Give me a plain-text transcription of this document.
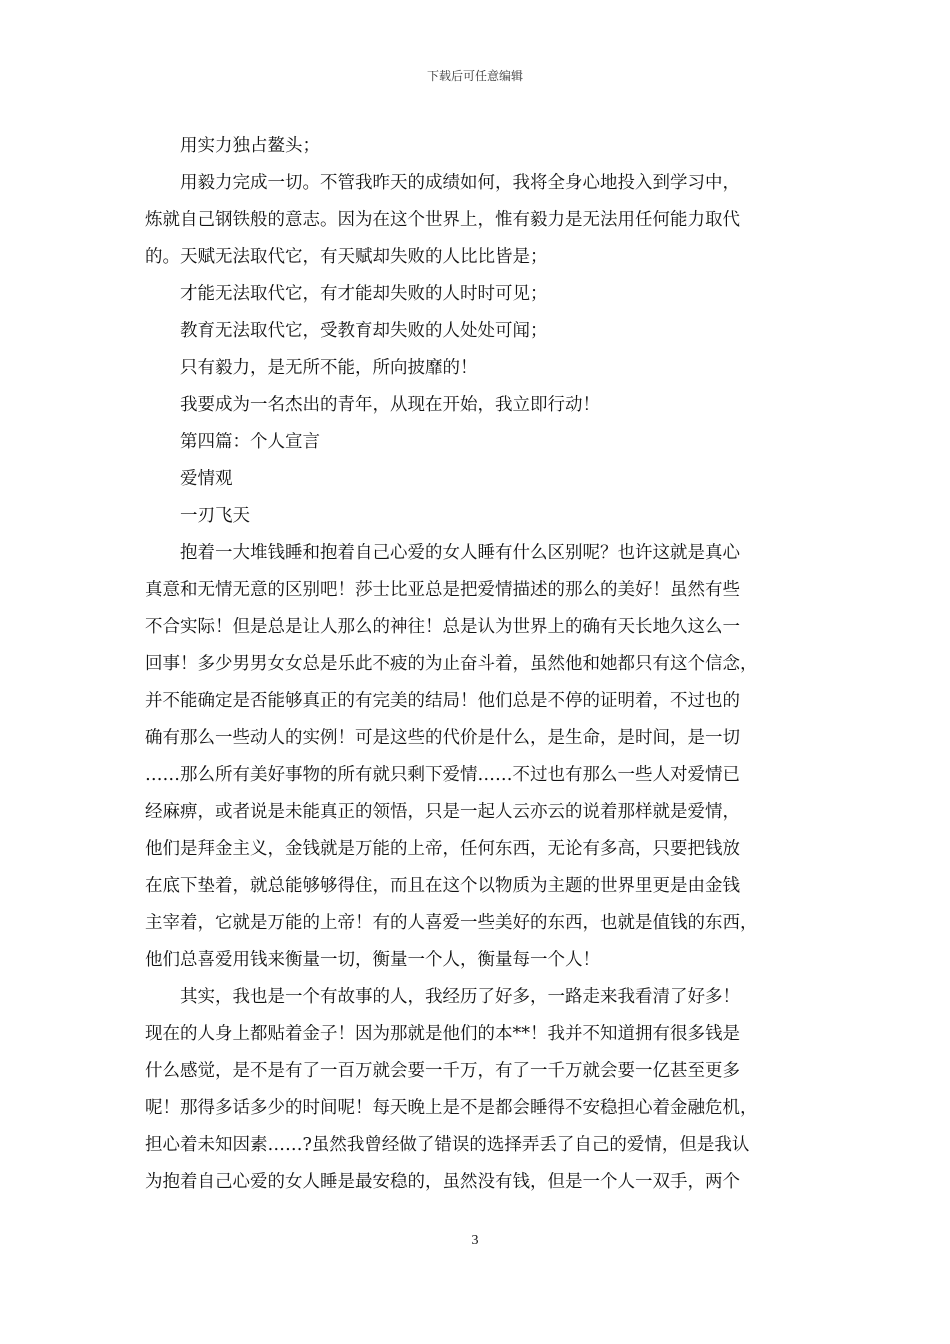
下载后可任意编辑
用实力独占鳌头；
用毅力完成一切。不管我昨天的成绩如何，我将全身心地投入到学习中，
炼就自己钢铁般的意志。因为在这个世界上，惟有毅力是无法用任何能力取代
的。天赋无法取代它，有天赋却失败的人比比皆是；
才能无法取代它，有才能却失败的人时时可见；
教育无法取代它，受教育却失败的人处处可闻；
只有毅力，是无所不能，所向披靡的！
我要成为一名杰出的青年，从现在开始，我立即行动！
第四篇：个人宣言
爱情观
一刃飞天
抱着一大堆钱睡和抱着自己心爱的女人睡有什么区别呢？也许这就是真心
真意和无情无意的区别吧！莎士比亚总是把爱情描述的那么的美好！虽然有些
不合实际！但是总是让人那么的神往！总是认为世界上的确有天长地久这么一
回事！多少男男女女总是乐此不疲的为止奋斗着，虽然他和她都只有这个信念，
并不能确定是否能够真正的有完美的结局！他们总是不停的证明着，不过也的
确有那么一些动人的实例！可是这些的代价是什么，是生命，是时间，是一切
……那么所有美好事物的所有就只剩下爱情……不过也有那么一些人对爱情已
经麻痹，或者说是未能真正的领悟，只是一起人云亦云的说着那样就是爱情，
他们是拜金主义，金钱就是万能的上帝，任何东西，无论有多高，只要把钱放
在底下垫着，就总能够够得住，而且在这个以物质为主题的世界里更是由金钱
主宰着，它就是万能的上帝！有的人喜爱一些美好的东西，也就是值钱的东西，
他们总喜爱用钱来衡量一切，衡量一个人，衡量每一个人！
其实，我也是一个有故事的人，我经历了好多，一路走来我看清了好多！
现在的人身上都贴着金子！因为那就是他们的本**！我并不知道拥有很多钱是
什么感觉，是不是有了一百万就会要一千万，有了一千万就会要一亿甚至更多
呢！那得多话多少的时间呢！每天晚上是不是都会睡得不安稳担心着金融危机，
担心着未知因素……?虽然我曾经做了错误的选择弄丢了自己的爱情，但是我认
为抱着自己心爱的女人睡是最安稳的，虽然没有钱，但是一个人一双手，两个
3
